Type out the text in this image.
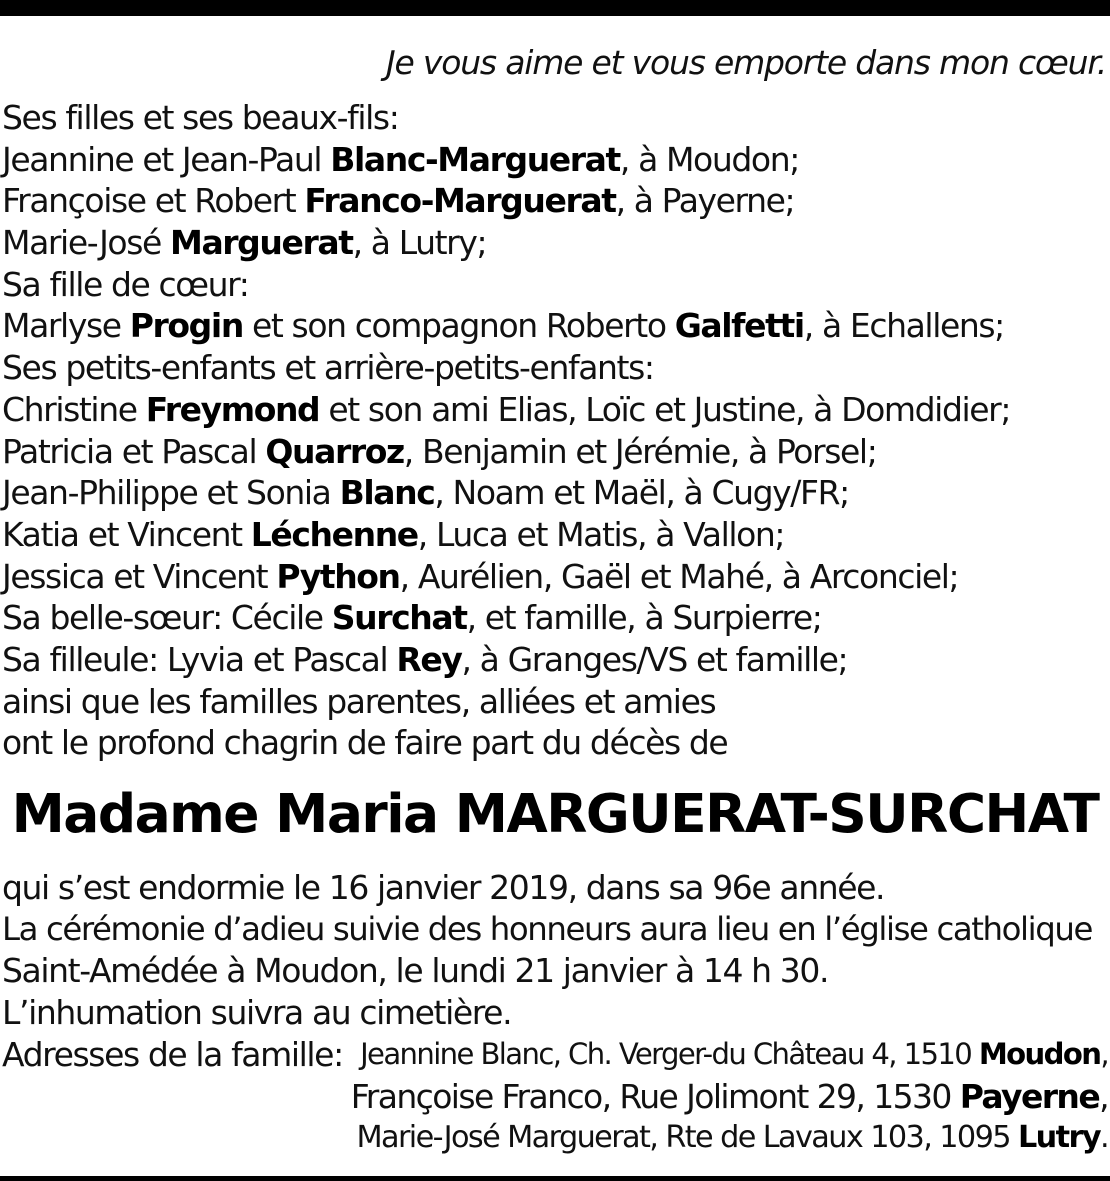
Je vous aime et vous emporte dans mon cœur.
Ses filles et ses beaux-fils:
Jeannine et Jean-Paul Blanc-Marguerat, à Moudon;
Françoise et Robert Franco-Marguerat, à Payerne;
Marie-José Marguerat, à Lutry;
Sa fille de cœur:
Marlyse Progin et son compagnon Roberto Galfetti, à Echallens;
Ses petits-enfants et arrière-petits-enfants:
Christine Freymond et son ami Elias, Loïc et Justine, à Domdidier;
Patricia et Pascal Quarroz, Benjamin et Jérémie, à Porsel;
Jean-Philippe et Sonia Blanc, Noam et Maël, à Cugy/FR;
Katia et Vincent Léchenne, Luca et Matis, à Vallon;
Jessica et Vincent Python, Aurélien, Gaël et Mahé, à Arconciel;
Sa belle-sœur: Cécile Surchat, et famille, à Surpierre;
Sa filleule: Lyvia et Pascal Rey, à Granges/VS et famille;
ainsi que les familles parentes, alliées et amies
ont le profond chagrin de faire part du décès de
Madame Maria MARGUERAT-SURCHAT
qui s’est endormie le 16 janvier 2019, dans sa 96e année.
La cérémonie d’adieu suivie des honneurs aura lieu en l’église catholique
Saint-Amédée à Moudon, le lundi 21 janvier à 14 h 30.
L’inhumation suivra au cimetière.
Adresses de la famille: Jeannine Blanc, Ch. Verger-du Château 4, 1510 Moudon,
Françoise Franco, Rue Jolimont 29, 1530 Payerne,
Marie-José Marguerat, Rte de Lavaux 103, 1095 Lutry.
